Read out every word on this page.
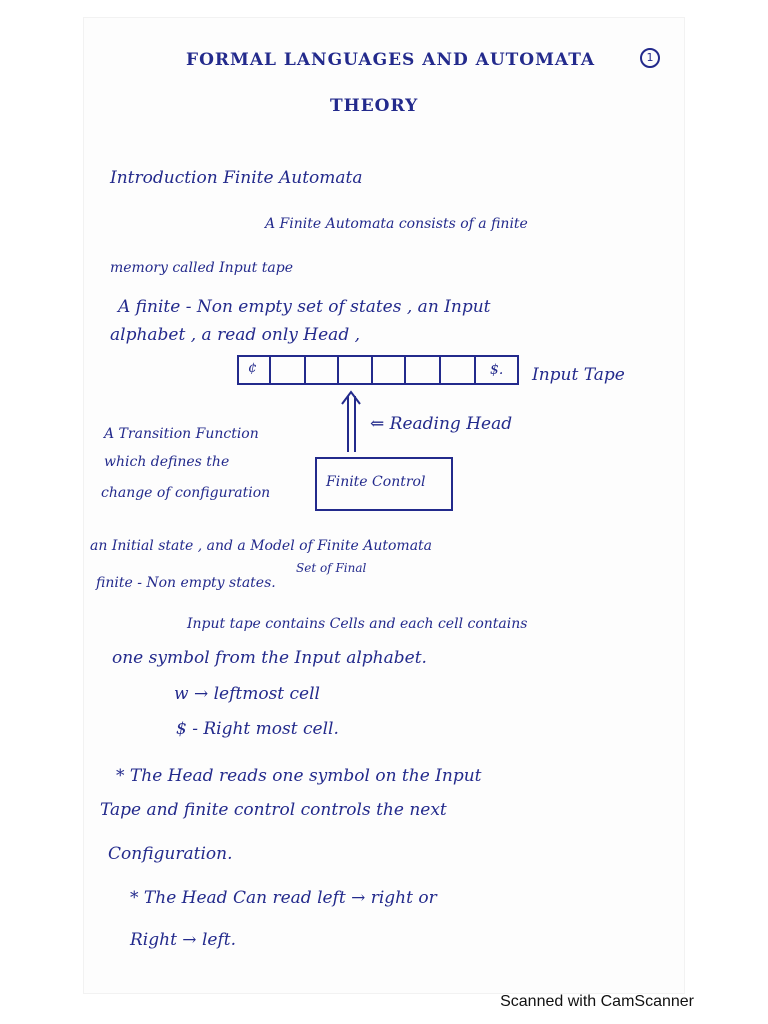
FORMAL LANGUAGES AND AUTOMATA	1
THEORY
Introduction Finite Automata
A Finite Automata consists of a finite
memory called Input tape
A finite - Non empty set of states , an Input
alphabet , a read only Head ,
¢	$. Input Tape
⇐ Reading Head
Finite Control
A Transition Function
which defines the
change of configuration
an Initial state , and a Model of Finite Automata
Set of Final
finite - Non empty states.
Input tape contains Cells and each cell contains
one symbol from the Input alphabet.
w → leftmost cell
$ - Right most cell.
* The Head reads one symbol on the Input
Tape and finite control controls the next
Configuration.
* The Head Can read left → right or
Right → left.
Scanned with CamScanner
